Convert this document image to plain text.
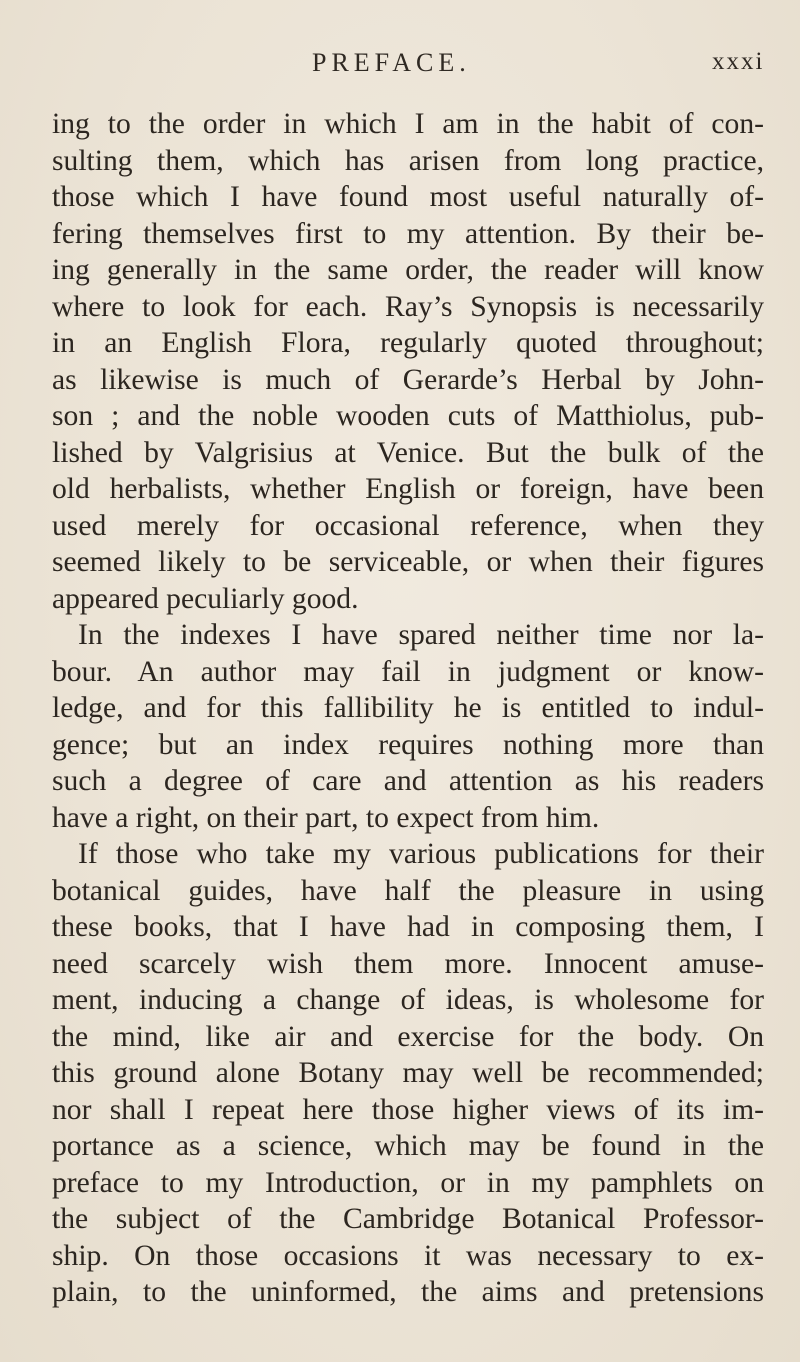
PREFACE.	xxxi
ing to the order in which I am in the habit of con-
sulting them, which has arisen from long practice,
those which I have found most useful naturally of-
fering themselves first to my attention. By their be-
ing generally in the same order, the reader will know
where to look for each. Ray’s Synopsis is necessarily
in an English Flora, regularly quoted throughout;
as likewise is much of Gerarde’s Herbal by John-
son ; and the noble wooden cuts of Matthiolus, pub-
lished by Valgrisius at Venice. But the bulk of the
old herbalists, whether English or foreign, have been
used merely for occasional reference, when they
seemed likely to be serviceable, or when their figures
appeared peculiarly good.
In the indexes I have spared neither time nor la-
bour. An author may fail in judgment or know-
ledge, and for this fallibility he is entitled to indul-
gence; but an index requires nothing more than
such a degree of care and attention as his readers
have a right, on their part, to expect from him.
If those who take my various publications for their
botanical guides, have half the pleasure in using
these books, that I have had in composing them, I
need scarcely wish them more. Innocent amuse-
ment, inducing a change of ideas, is wholesome for
the mind, like air and exercise for the body. On
this ground alone Botany may well be recommended;
nor shall I repeat here those higher views of its im-
portance as a science, which may be found in the
preface to my Introduction, or in my pamphlets on
the subject of the Cambridge Botanical Professor-
ship. On those occasions it was necessary to ex-
plain, to the uninformed, the aims and pretensions
